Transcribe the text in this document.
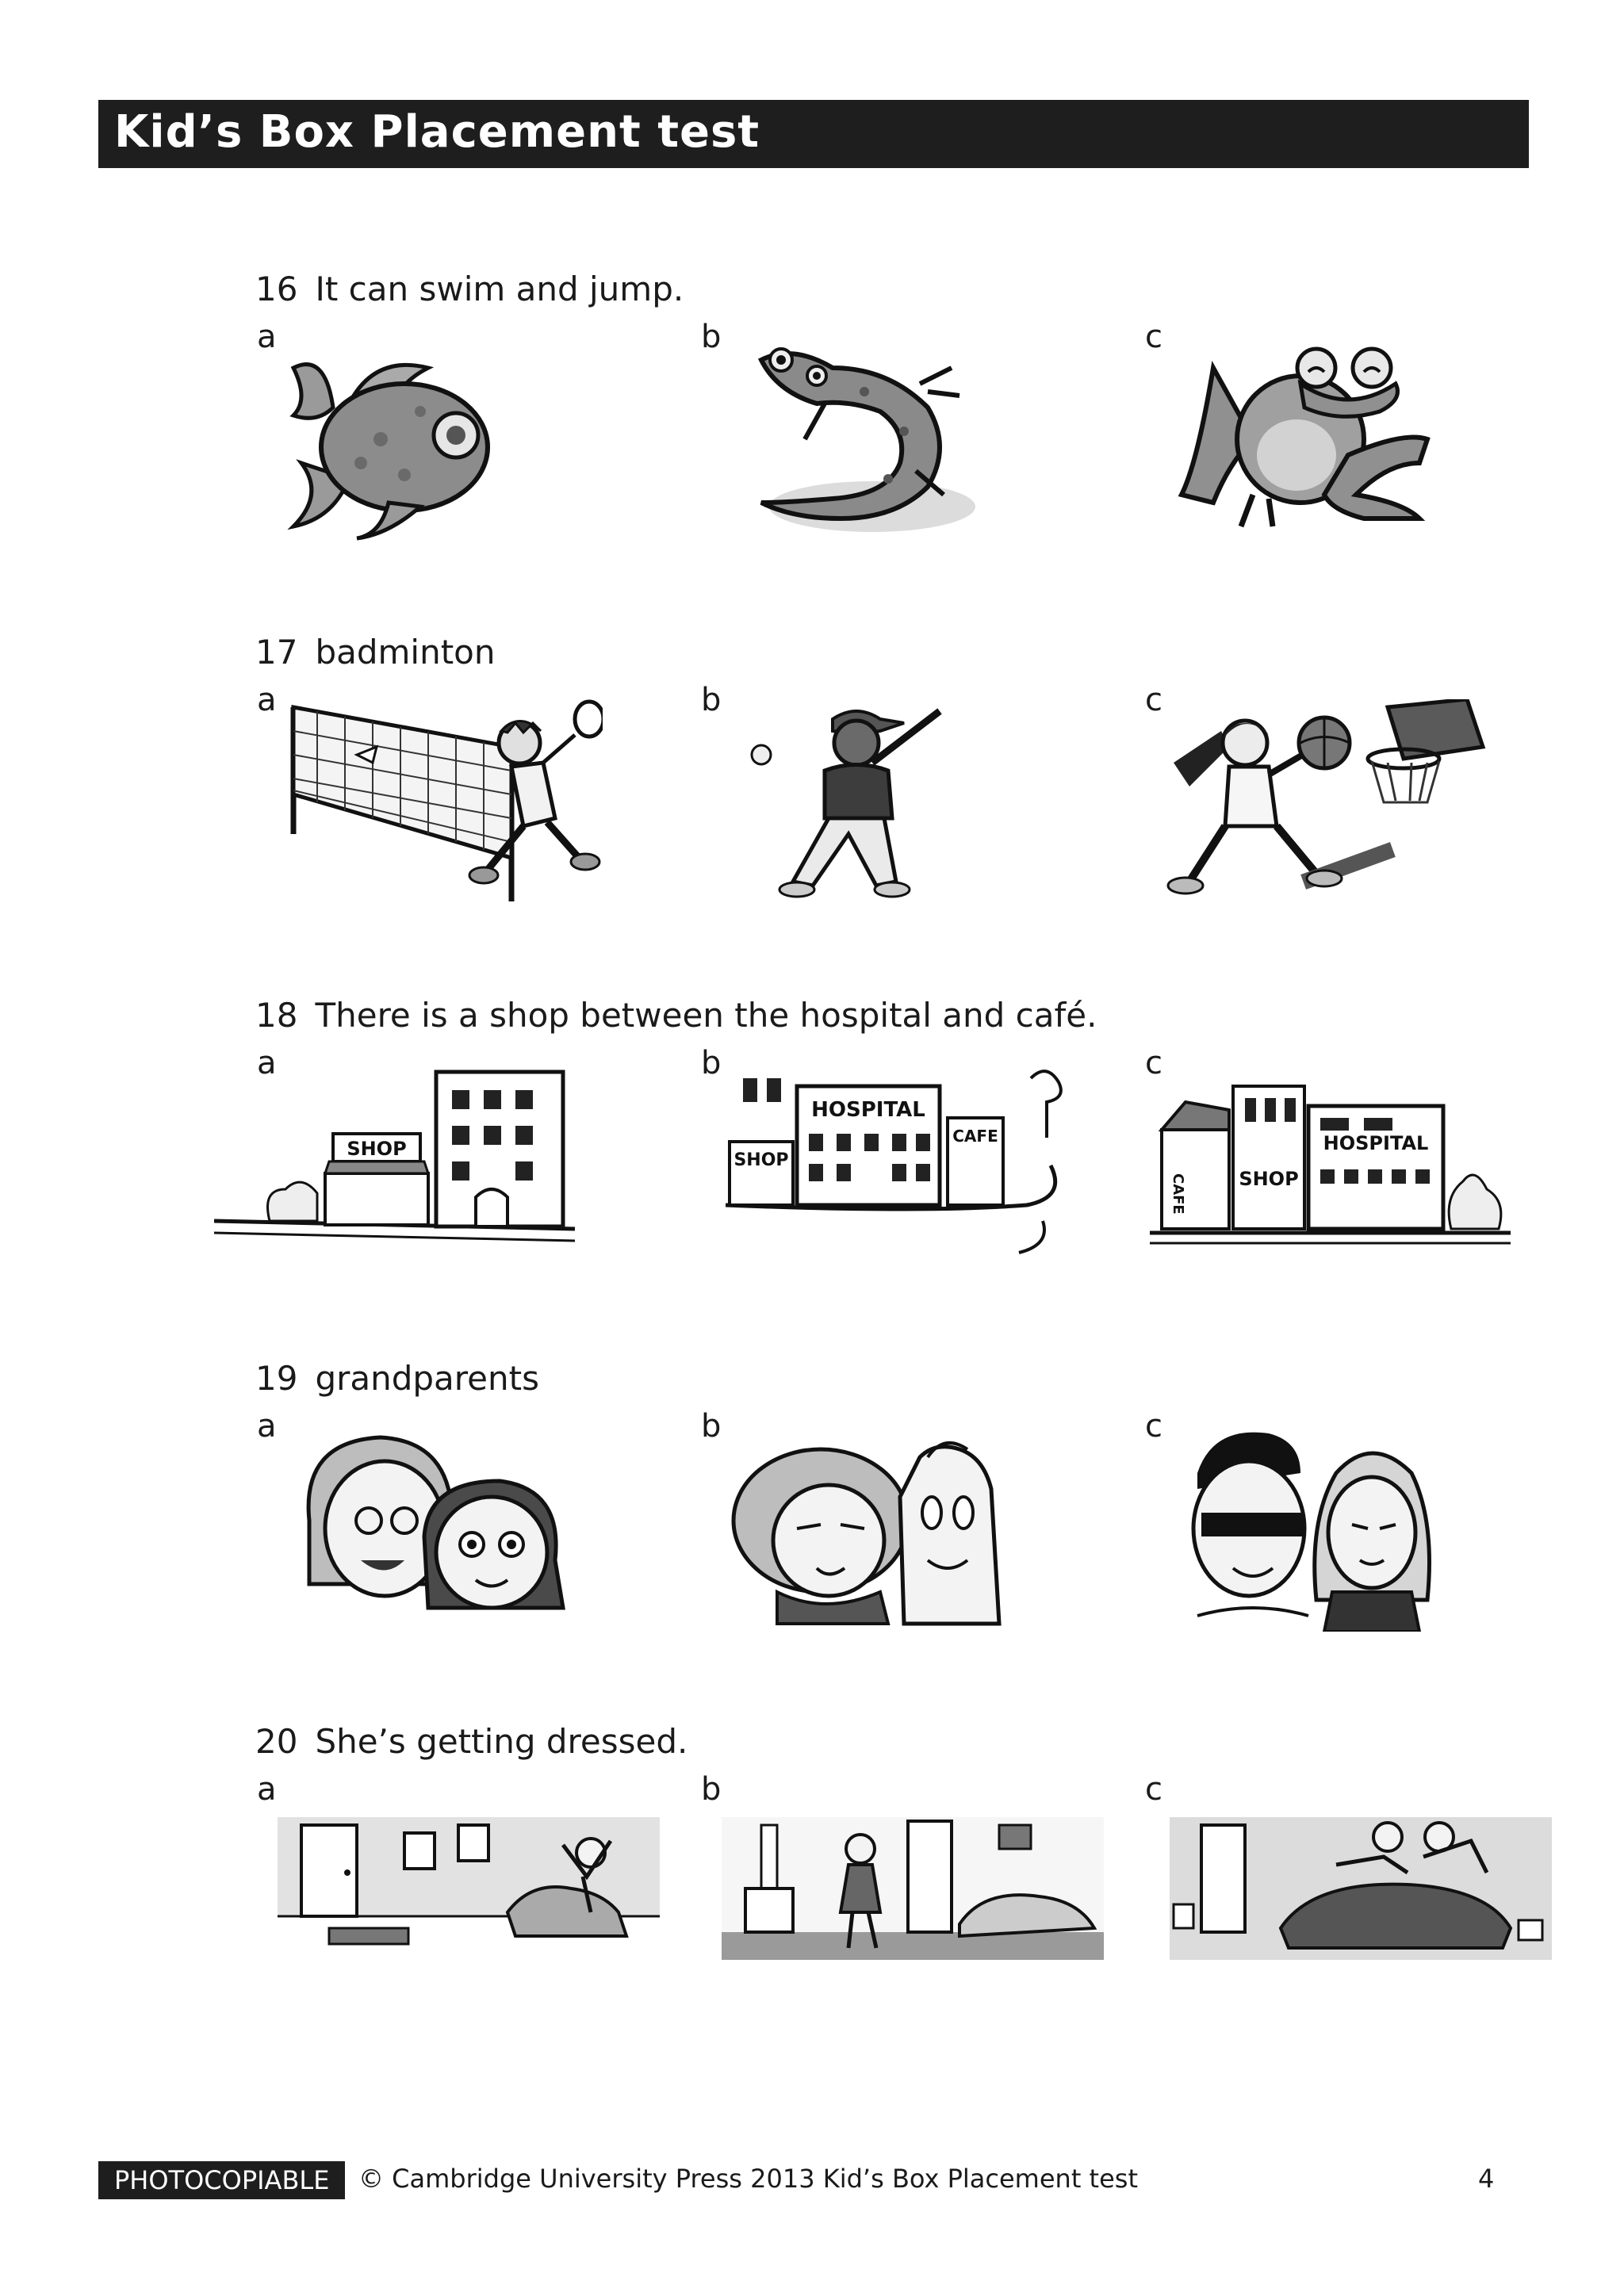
Kid’s Box Placement test
16 It can swim and jump.
a	b	c
17 badminton
a	b	c
18 There is a shop between the hospital and café.
a	b	c
SHOP
SHOP
HOSPITAL
CAFE
CAFE	SHOP
HOSPITAL
19 grandparents
a	b	c
20 She’s getting dressed.
a	b	c
PHOTOCOPIABLE	© Cambridge University Press 2013 Kid’s Box Placement test	4
